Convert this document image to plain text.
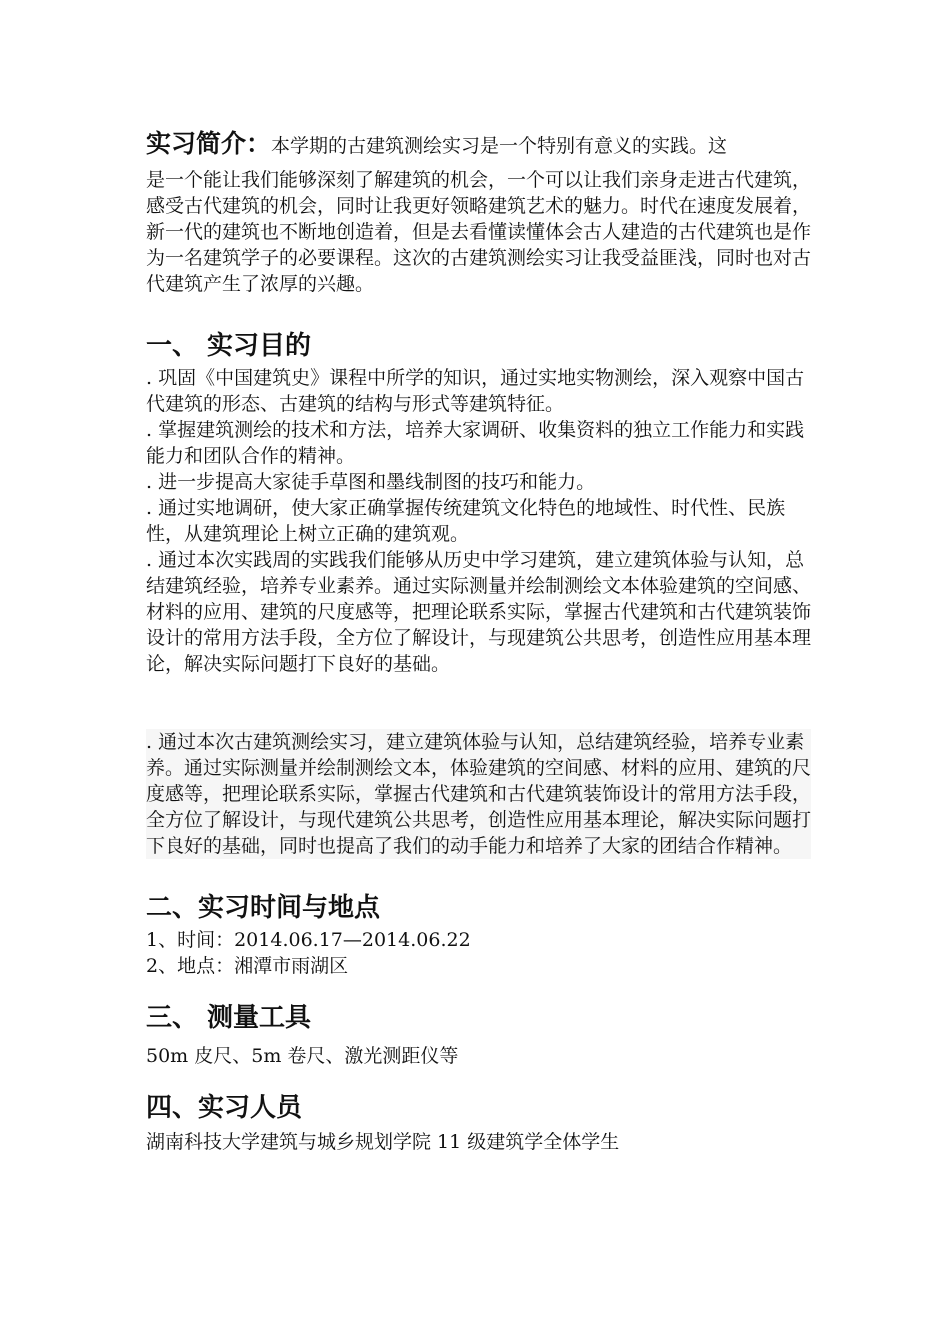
实习简介：本学期的古建筑测绘实习是一个特别有意义的实践。这
是一个能让我们能够深刻了解建筑的机会，一个可以让我们亲身走进古代建筑，感受古代建筑的机会，同时让我更好领略建筑艺术的魅力。时代在速度发展着，新一代的建筑也不断地创造着，但是去看懂读懂体会古人建造的古代建筑也是作为一名建筑学子的必要课程。这次的古建筑测绘实习让我受益匪浅，同时也对古代建筑产生了浓厚的兴趣。

一、 实习目的

. 巩固《中国建筑史》课程中所学的知识，通过实地实物测绘，深入观察中国古代建筑的形态、古建筑的结构与形式等建筑特征。

. 掌握建筑测绘的技术和方法，培养大家调研、收集资料的独立工作能力和实践能力和团队合作的精神。

. 进一步提高大家徒手草图和墨线制图的技巧和能力。

. 通过实地调研，使大家正确掌握传统建筑文化特色的地域性、时代性、民族性，从建筑理论上树立正确的建筑观。

. 通过本次实践周的实践我们能够从历史中学习建筑，建立建筑体验与认知，总结建筑经验，培养专业素养。通过实际测量并绘制测绘文本体验建筑的空间感、材料的应用、建筑的尺度感等，把理论联系实际，掌握古代建筑和古代建筑装饰设计的常用方法手段，全方位了解设计，与现建筑公共思考，创造性应用基本理论，解决实际问题打下良好的基础。

. 通过本次古建筑测绘实习，建立建筑体验与认知，总结建筑经验，培养专业素养。通过实际测量并绘制测绘文本，体验建筑的空间感、材料的应用、建筑的尺度感等，把理论联系实际，掌握古代建筑和古代建筑装饰设计的常用方法手段，全方位了解设计，与现代建筑公共思考，创造性应用基本理论，解决实际问题打下良好的基础，同时也提高了我们的动手能力和培养了大家的团结合作精神。

二、实习时间与地点

1、时间：2014.06.17—2014.06.22

2、地点：湘潭市雨湖区

三、 测量工具

50m 皮尺、5m 卷尺、激光测距仪等

四、实习人员

湖南科技大学建筑与城乡规划学院 11 级建筑学全体学生
